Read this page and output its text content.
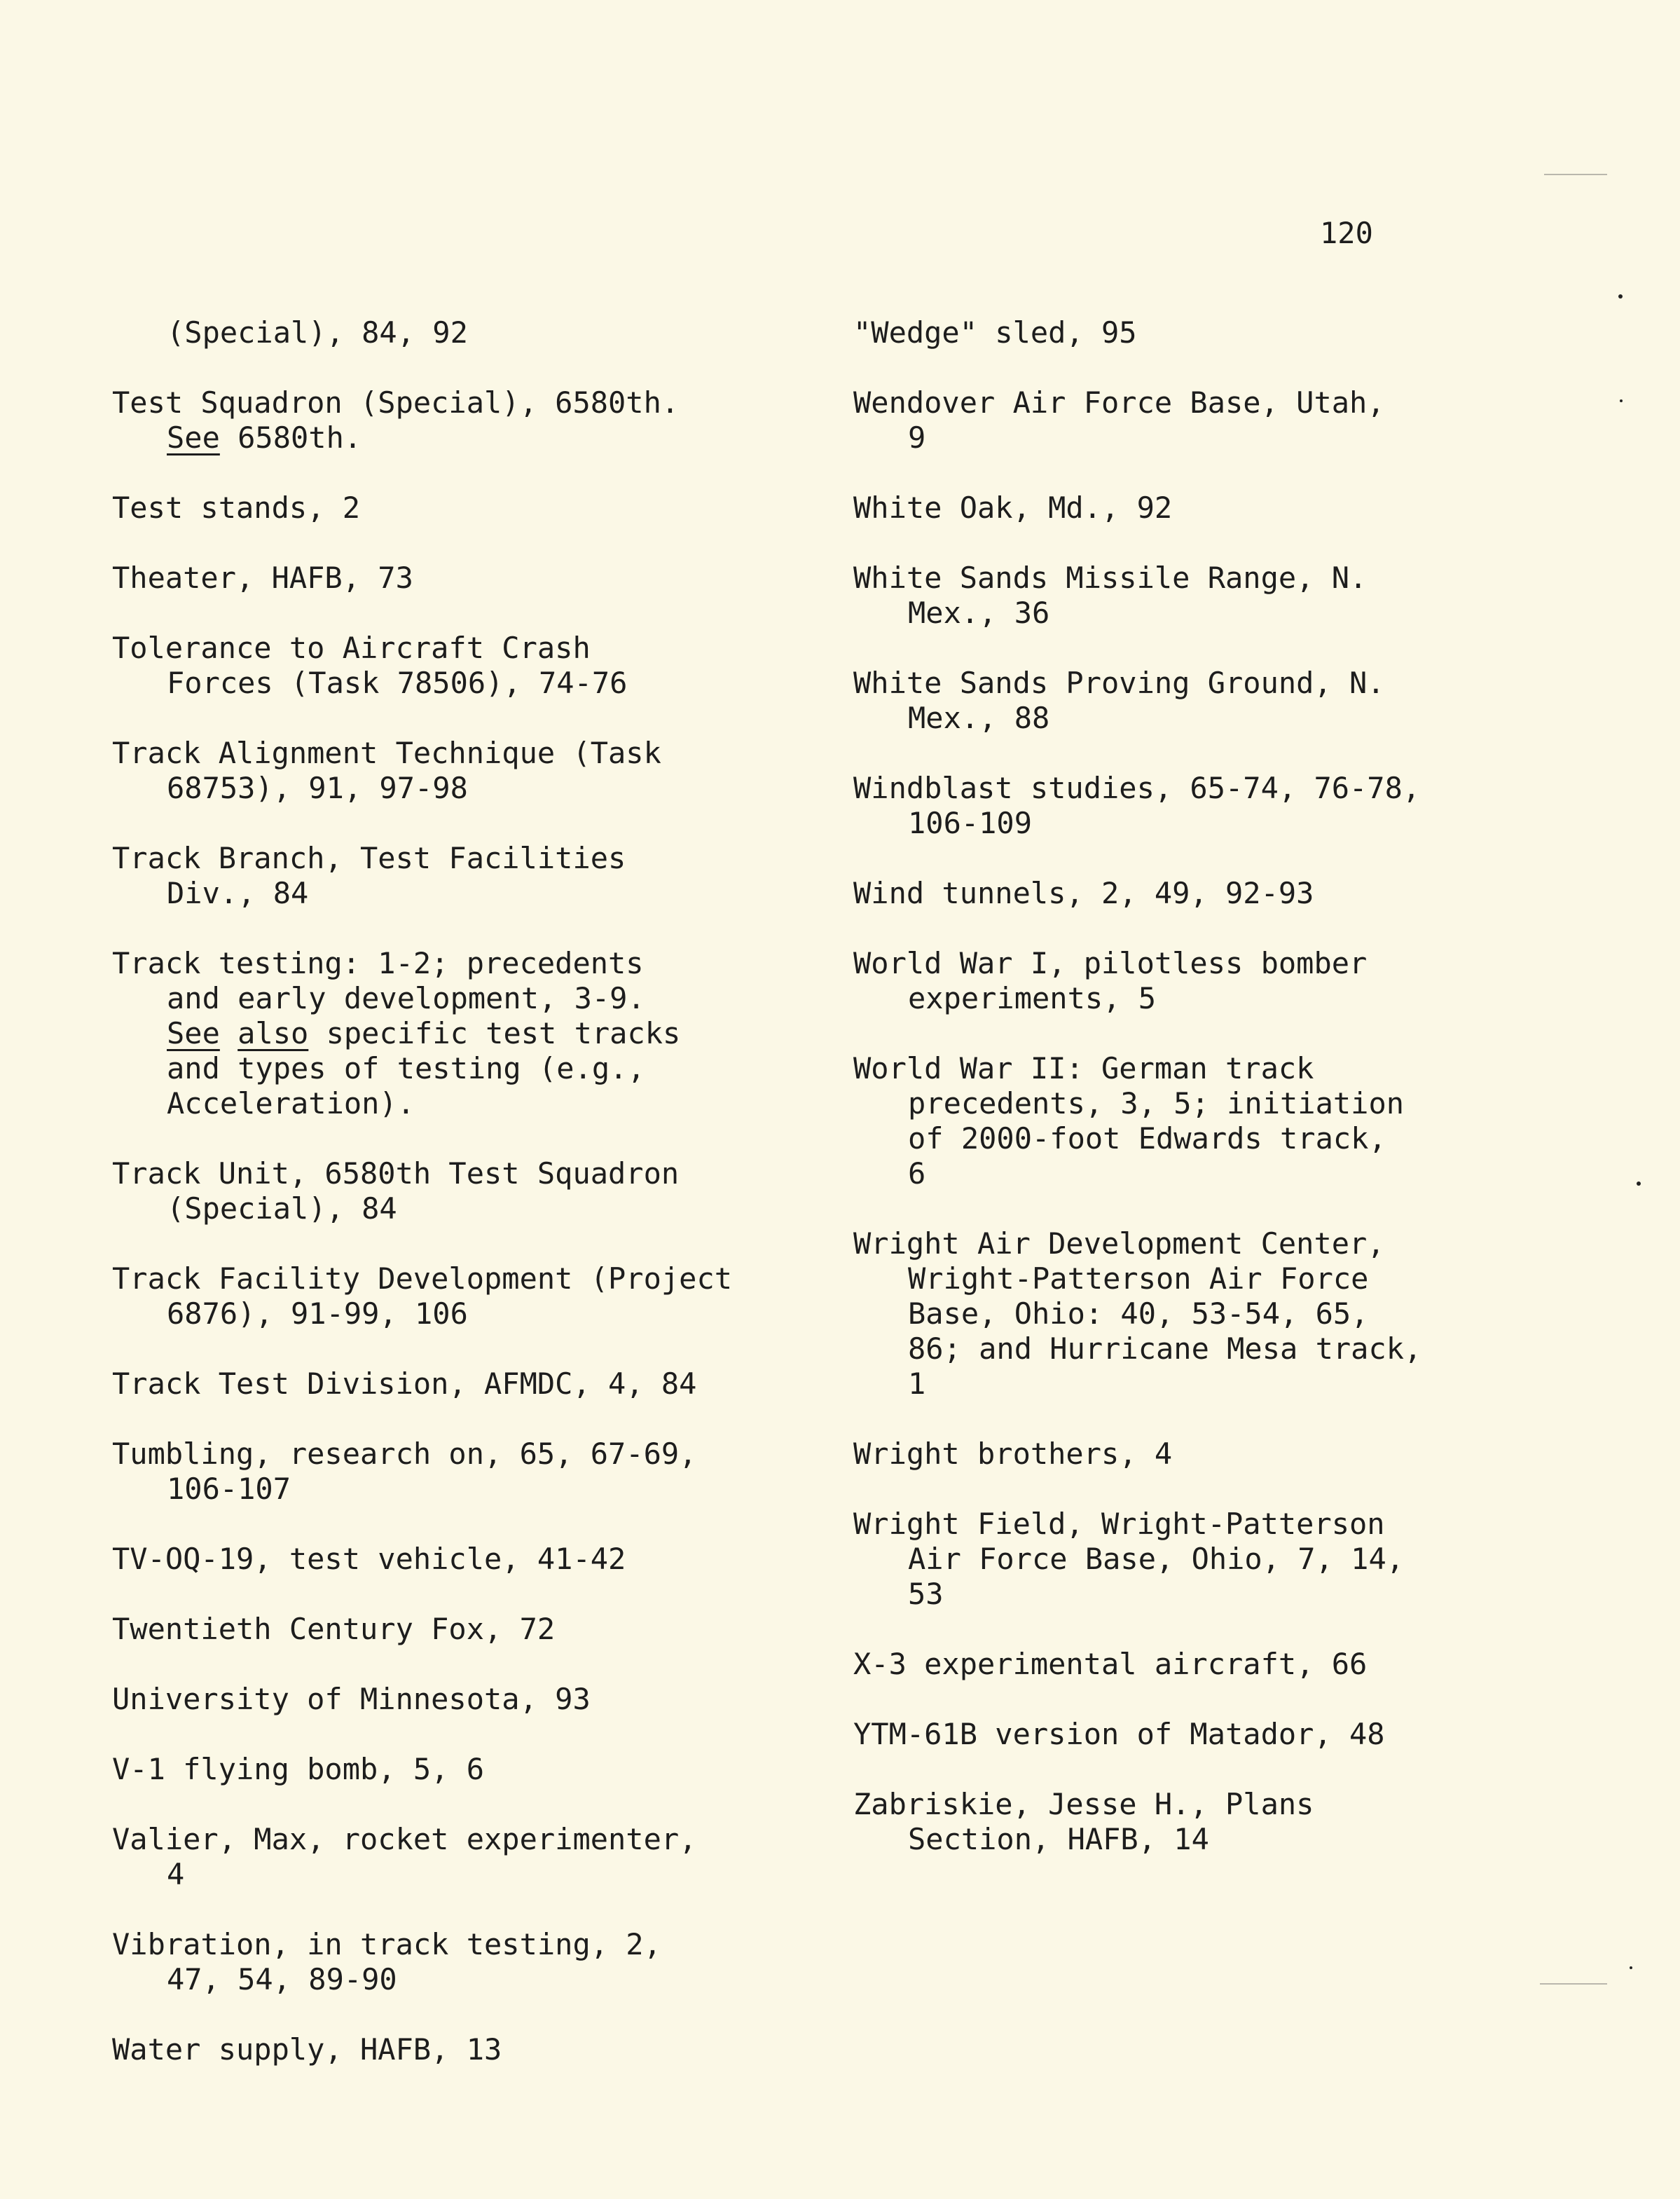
120
(Special), 84, 92
Test Squadron (Special), 6580th.
See 6580th.
Test stands, 2
Theater, HAFB, 73
Tolerance to Aircraft Crash
Forces (Task 78506), 74-76
Track Alignment Technique (Task
68753), 91, 97-98
Track Branch, Test Facilities
Div., 84
Track testing: 1-2; precedents
and early development, 3-9.
See also specific test tracks
and types of testing (e.g.,
Acceleration).
Track Unit, 6580th Test Squadron
(Special), 84
Track Facility Development (Project
6876), 91-99, 106
Track Test Division, AFMDC, 4, 84
Tumbling, research on, 65, 67-69,
106-107
TV-OQ-19, test vehicle, 41-42
Twentieth Century Fox, 72
University of Minnesota, 93
V-1 flying bomb, 5, 6
Valier, Max, rocket experimenter,
4
Vibration, in track testing, 2,
47, 54, 89-90
Water supply, HAFB, 13
"Wedge" sled, 95
Wendover Air Force Base, Utah,
9
White Oak, Md., 92
White Sands Missile Range, N.
Mex., 36
White Sands Proving Ground, N.
Mex., 88
Windblast studies, 65-74, 76-78,
106-109
Wind tunnels, 2, 49, 92-93
World War I, pilotless bomber
experiments, 5
World War II: German track
precedents, 3, 5; initiation
of 2000-foot Edwards track,
6
Wright Air Development Center,
Wright-Patterson Air Force
Base, Ohio: 40, 53-54, 65,
86; and Hurricane Mesa track,
1
Wright brothers, 4
Wright Field, Wright-Patterson
Air Force Base, Ohio, 7, 14,
53
X-3 experimental aircraft, 66
YTM-61B version of Matador, 48
Zabriskie, Jesse H., Plans
Section, HAFB, 14
